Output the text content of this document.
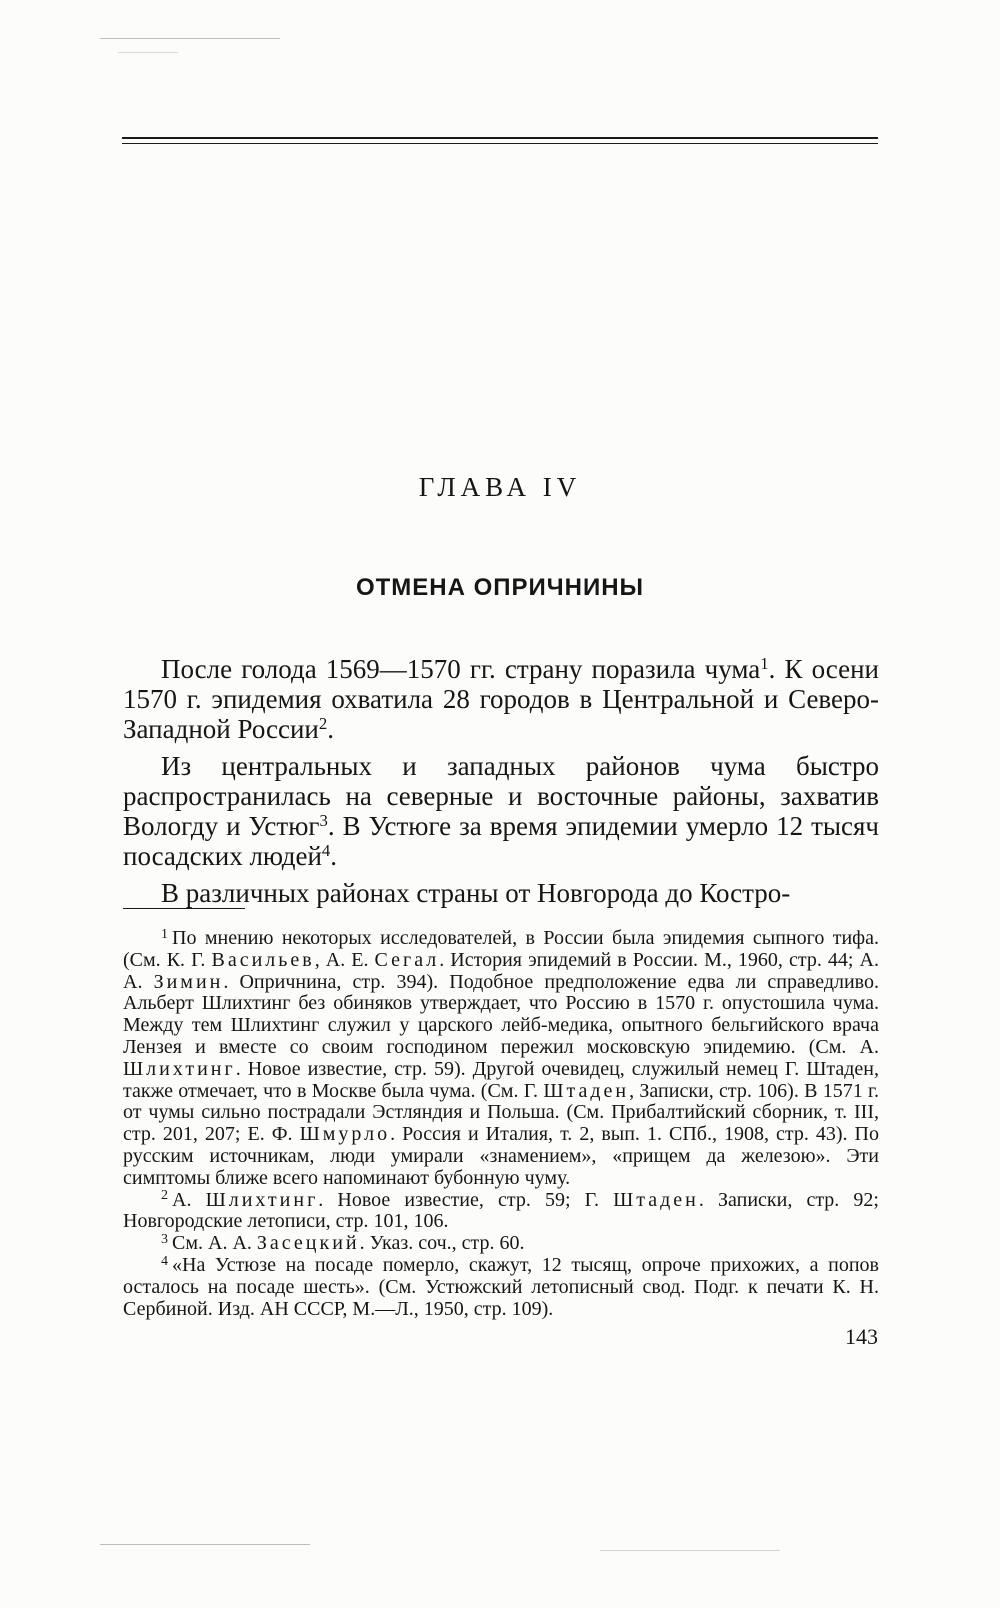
ГЛАВА IV
ОТМЕНА ОПРИЧНИНЫ

После голода 1569—1570 гг. страну поразила чума$^1$. К осени 1570 г. эпидемия охватила 28 городов в Центральной и Северо-Западной России$^2$.

Из центральных и западных районов чума быстро распространилась на северные и восточные районы, захватив Вологду и Устюг$^3$. В Устюге за время эпидемии умерло 12 тысяч посадских людей$^4$.

В различных районах страны от Новгорода до Костро-

$^1$ По мнению некоторых исследователей, в России была эпидемия сыпного тифа. (См. К. Г. Васильев, А. Е. Сегал. История эпидемий в России. М., 1960, стр. 44; А. А. Зимин. Опричнина, стр. 394). Подобное предположение едва ли справедливо. Альберт Шлихтинг без обиняков утверждает, что Россию в 1570 г. опустошила чума. Между тем Шлихтинг служил у царского лейб-медика, опытного бельгийского врача Лензея и вместе со своим господином пережил московскую эпидемию. (См. А. Шлихтинг. Новое известие, стр. 59). Другой очевидец, служилый немец Г. Штаден, также отмечает, что в Москве была чума. (См. Г. Штаден, Записки, стр. 106). В 1571 г. от чумы сильно пострадали Эстляндия и Польша. (См. Прибалтийский сборник, т. III, стр. 201, 207; Е. Ф. Шмурло. Россия и Италия, т. 2, вып. 1. СПб., 1908, стр. 43). По русским источникам, люди умирали «знамением», «прищем да железою». Эти симптомы ближе всего напоминают бубонную чуму.

$^2$ А. Шлихтинг. Новое известие, стр. 59; Г. Штаден. Записки, стр. 92; Новгородские летописи, стр. 101, 106.

$^3$ См. А. А. Засецкий. Указ. соч., стр. 60.

$^4$ «На Устюзе на посаде померло, скажут, 12 тысящ, опроче прихожих, а попов осталось на посаде шесть». (См. Устюжский летописный свод. Подг. к печати К. Н. Сербиной. Изд. АН СССР, М.—Л., 1950, стр. 109).

143
